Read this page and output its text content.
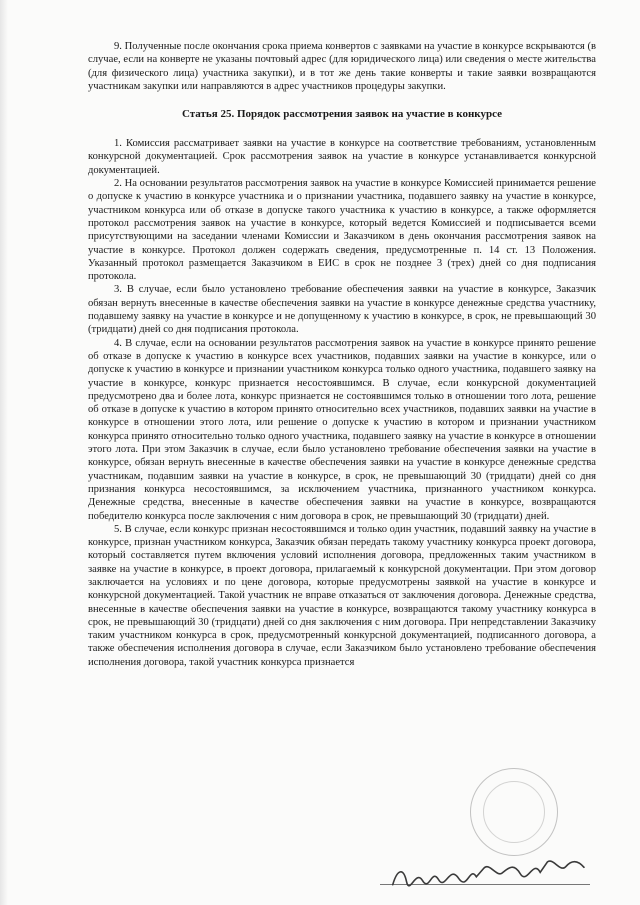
9. Полученные после окончания срока приема конвертов с заявками на участие в конкурсе вскрываются (в случае, если на конверте не указаны почтовый адрес (для юридического лица) или сведения о месте жительства (для физического лица) участника закупки), и в тот же день такие конверты и такие заявки возвращаются участникам закупки или направляются в адрес участников процедуры закупки.

Статья 25. Порядок рассмотрения заявок на участие в конкурсе

1. Комиссия рассматривает заявки на участие в конкурсе на соответствие требованиям, установленным конкурсной документацией. Срок рассмотрения заявок на участие в конкурсе устанавливается конкурсной документацией.

2. На основании результатов рассмотрения заявок на участие в конкурсе Комиссией принимается решение о допуске к участию в конкурсе участника и о признании участника, подавшего заявку на участие в конкурсе, участником конкурса или об отказе в допуске такого участника к участию в конкурсе, а также оформляется протокол рассмотрения заявок на участие в конкурсе, который ведется Комиссией и подписывается всеми присутствующими на заседании членами Комиссии и Заказчиком в день окончания рассмотрения заявок на участие в конкурсе. Протокол должен содержать сведения, предусмотренные п. 14 ст. 13 Положения. Указанный протокол размещается Заказчиком в ЕИС в срок не позднее 3 (трех) дней со дня подписания протокола.

3. В случае, если было установлено требование обеспечения заявки на участие в конкурсе, Заказчик обязан вернуть внесенные в качестве обеспечения заявки на участие в конкурсе денежные средства участнику, подавшему заявку на участие в конкурсе и не допущенному к участию в конкурсе, в срок, не превышающий 30 (тридцати) дней со дня подписания протокола.

4. В случае, если на основании результатов рассмотрения заявок на участие в конкурсе принято решение об отказе в допуске к участию в конкурсе всех участников, подавших заявки на участие в конкурсе, или о допуске к участию в конкурсе и признании участником конкурса только одного участника, подавшего заявку на участие в конкурсе, конкурс признается несостоявшимся. В случае, если конкурсной документацией предусмотрено два и более лота, конкурс признается не состоявшимся только в отношении того лота, решение об отказе в допуске к участию в котором принято относительно всех участников, подавших заявки на участие в конкурсе в отношении этого лота, или решение о допуске к участию в котором и признании участником конкурса принято относительно только одного участника, подавшего заявку на участие в конкурсе в отношении этого лота. При этом Заказчик в случае, если было установлено требование обеспечения заявки на участие в конкурсе, обязан вернуть внесенные в качестве обеспечения заявки на участие в конкурсе денежные средства участникам, подавшим заявки на участие в конкурсе, в срок, не превышающий 30 (тридцати) дней со дня признания конкурса несостоявшимся, за исключением участника, признанного участником конкурса. Денежные средства, внесенные в качестве обеспечения заявки на участие в конкурсе, возвращаются победителю конкурса после заключения с ним договора в срок, не превышающий 30 (тридцати) дней.

5. В случае, если конкурс признан несостоявшимся и только один участник, подавший заявку на участие в конкурсе, признан участником конкурса, Заказчик обязан передать такому участнику конкурса проект договора, который составляется путем включения условий исполнения договора, предложенных таким участником в заявке на участие в конкурсе, в проект договора, прилагаемый к конкурсной документации. При этом договор заключается на условиях и по цене договора, которые предусмотрены заявкой на участие в конкурсе и конкурсной документацией. Такой участник не вправе отказаться от заключения договора. Денежные средства, внесенные в качестве обеспечения заявки на участие в конкурсе, возвращаются такому участнику конкурса в срок, не превышающий 30 (тридцати) дней со дня заключения с ним договора. При непредставлении Заказчику таким участником конкурса в срок, предусмотренный конкурсной документацией, подписанного договора, а также обеспечения исполнения договора в случае, если Заказчиком было установлено требование обеспечения исполнения договора, такой участник конкурса признается
